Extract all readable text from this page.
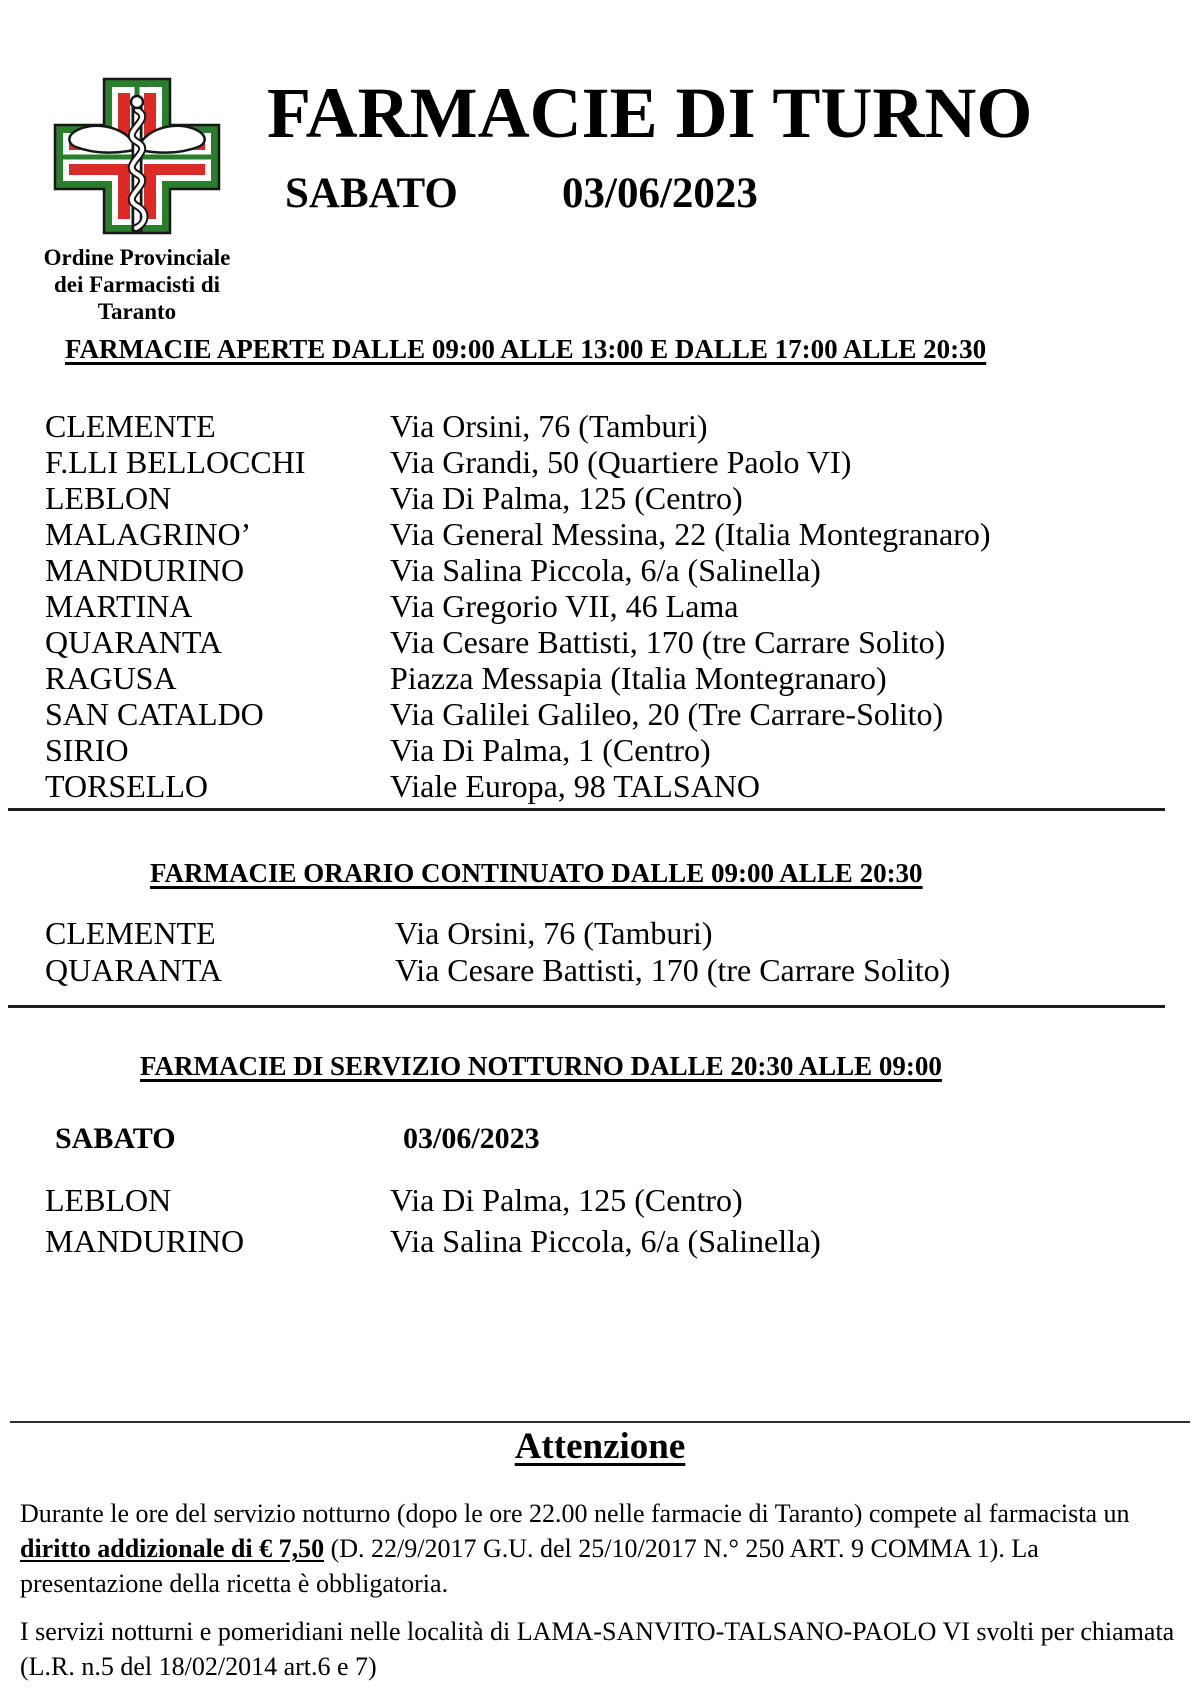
Ordine Provinciale
dei Farmacisti di
Taranto
FARMACIE DI TURNO
SABATO 03/06/2023
FARMACIE APERTE DALLE 09:00 ALLE 13:00 E DALLE 17:00 ALLE 20:30
CLEMENTE	Via Orsini, 76 (Tamburi)
F.LLI BELLOCCHI	Via Grandi, 50 (Quartiere Paolo VI)
LEBLON	Via Di Palma, 125 (Centro)
MALAGRINO’	Via General Messina, 22 (Italia Montegranaro)
MANDURINO	Via Salina Piccola, 6/a (Salinella)
MARTINA	Via Gregorio VII, 46 Lama
QUARANTA	Via Cesare Battisti, 170 (tre Carrare Solito)
RAGUSA	Piazza Messapia (Italia Montegranaro)
SAN CATALDO	Via Galilei Galileo, 20 (Tre Carrare-Solito)
SIRIO	Via Di Palma, 1 (Centro)
TORSELLO	Viale Europa, 98 TALSANO
FARMACIE ORARIO CONTINUATO DALLE 09:00 ALLE 20:30
CLEMENTE	Via Orsini, 76 (Tamburi)
QUARANTA	Via Cesare Battisti, 170 (tre Carrare Solito)
FARMACIE DI SERVIZIO NOTTURNO DALLE 20:30 ALLE 09:00
SABATO	03/06/2023
LEBLON	Via Di Palma, 125 (Centro)
MANDURINO	Via Salina Piccola, 6/a (Salinella)
Attenzione

Durante le ore del servizio notturno (dopo le ore 22.00 nelle farmacie di Taranto) compete al farmacista un diritto addizionale di € 7,50 (D. 22/9/2017 G.U. del 25/10/2017 N.° 250 ART. 9 COMMA 1). La presentazione della ricetta è obbligatoria.

I servizi notturni e pomeridiani nelle località di LAMA-SANVITO-TALSANO-PAOLO VI svolti per chiamata (L.R. n.5 del 18/02/2014 art.6 e 7)
